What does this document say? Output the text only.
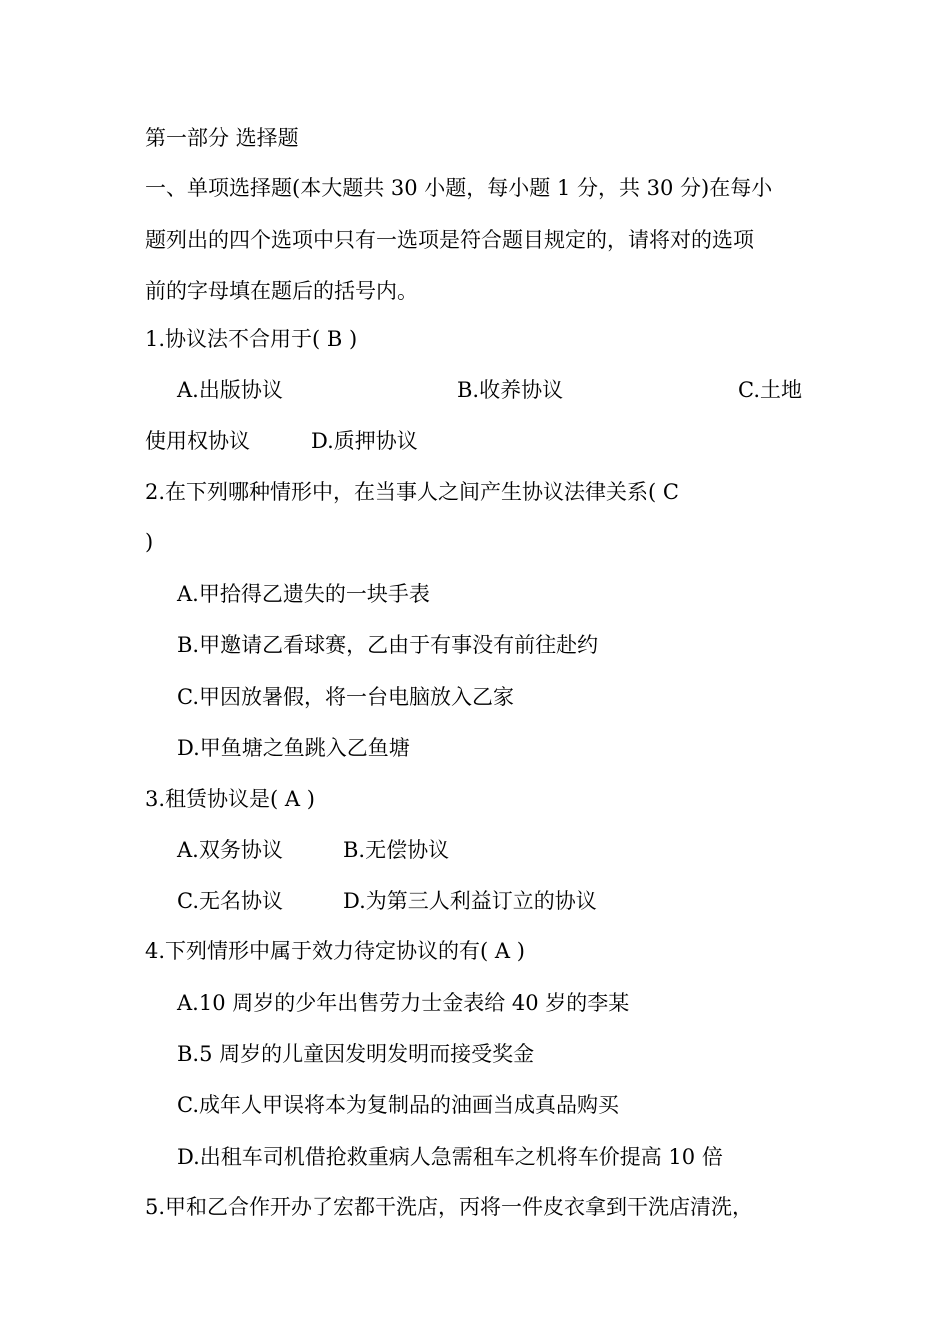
第一部分 选择题
一、单项选择题(本大题共 30 小题，每小题 1 分，共 30 分)在每小
题列出的四个选项中只有一选项是符合题目规定的，请将对的选项
前的字母填在题后的括号内。
1.协议法不合用于( B )
A.出版协议	B.收养协议	C.土地
使用权协议	D.质押协议
2.在下列哪种情形中，在当事人之间产生协议法律关系( C
)
A.甲拾得乙遗失的一块手表
B.甲邀请乙看球赛，乙由于有事没有前往赴约
C.甲因放暑假，将一台电脑放入乙家
D.甲鱼塘之鱼跳入乙鱼塘
3.租赁协议是( A )
A.双务协议	B.无偿协议
C.无名协议	D.为第三人利益订立的协议
4.下列情形中属于效力待定协议的有( A )
A.10 周岁的少年出售劳力士金表给 40 岁的李某
B.5 周岁的儿童因发明发明而接受奖金
C.成年人甲误将本为复制品的油画当成真品购买
D.出租车司机借抢救重病人急需租车之机将车价提高 10 倍
5.甲和乙合作开办了宏都干洗店，丙将一件皮衣拿到干洗店清洗，
